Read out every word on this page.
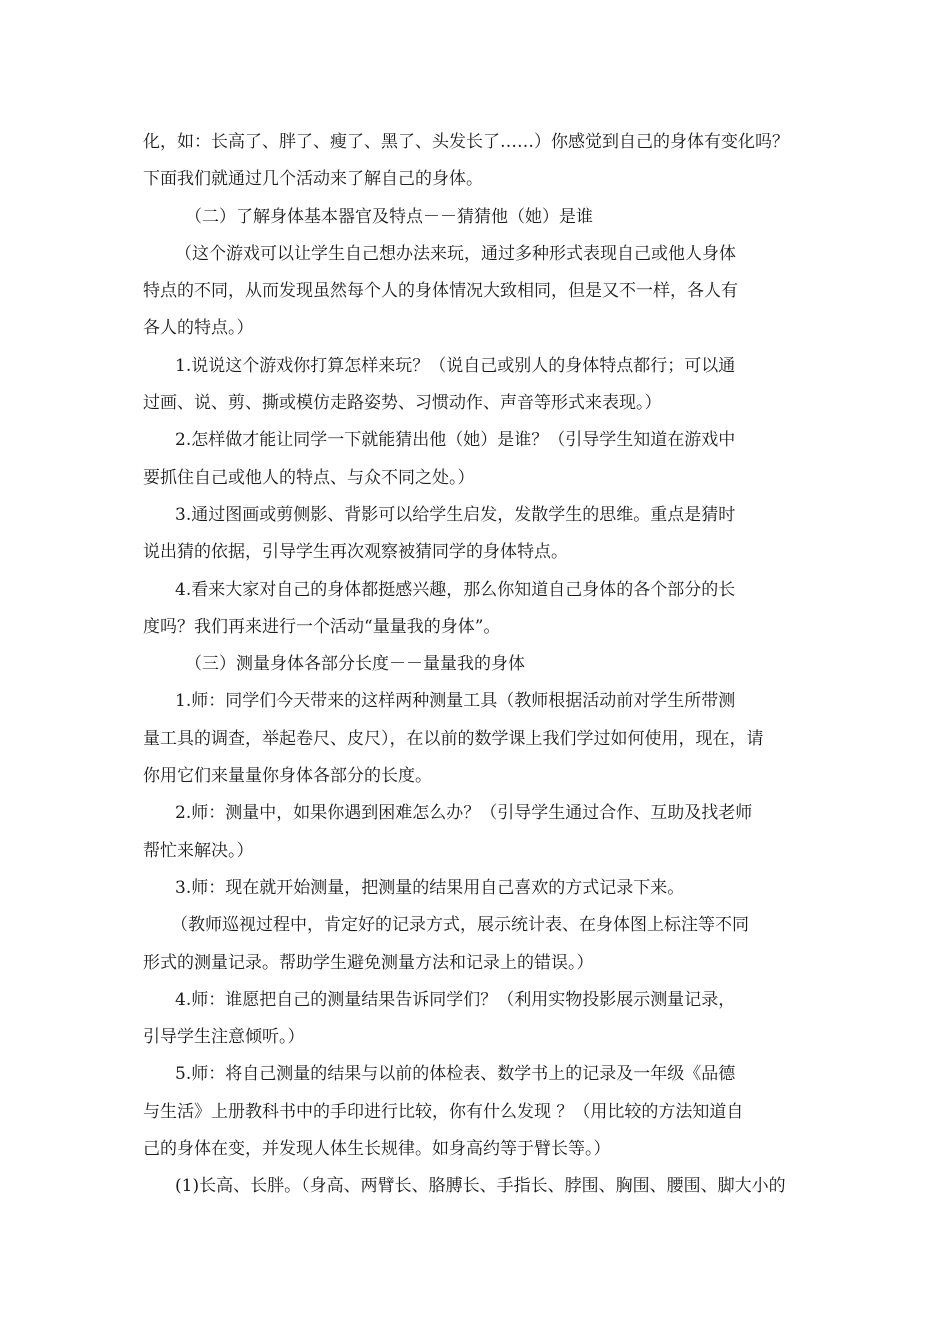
化，如：长高了、胖了、瘦了、黑了、头发长了……）你感觉到自己的身体有变化吗？
下面我们就通过几个活动来了解自己的身体。
（二）了解身体基本器官及特点－－猜猜他（她）是谁
（这个游戏可以让学生自己想办法来玩，通过多种形式表现自己或他人身体
特点的不同，从而发现虽然每个人的身体情况大致相同，但是又不一样，各人有
各人的特点。）
1.说说这个游戏你打算怎样来玩？（说自己或别人的身体特点都行；可以通
过画、说、剪、撕或模仿走路姿势、习惯动作、声音等形式来表现。）
2.怎样做才能让同学一下就能猜出他（她）是谁？（引导学生知道在游戏中
要抓住自己或他人的特点、与众不同之处。）
3.通过图画或剪侧影、背影可以给学生启发，发散学生的思维。重点是猜时
说出猜的依据，引导学生再次观察被猜同学的身体特点。
4.看来大家对自己的身体都挺感兴趣，那么你知道自己身体的各个部分的长
度吗？我们再来进行一个活动“量量我的身体”。
（三）测量身体各部分长度－－量量我的身体
1.师：同学们今天带来的这样两种测量工具（教师根据活动前对学生所带测
量工具的调查，举起卷尺、皮尺），在以前的数学课上我们学过如何使用，现在，请
你用它们来量量你身体各部分的长度。
2.师：测量中，如果你遇到困难怎么办？（引导学生通过合作、互助及找老师
帮忙来解决。）
3.师：现在就开始测量，把测量的结果用自己喜欢的方式记录下来。
（教师巡视过程中，肯定好的记录方式，展示统计表、在身体图上标注等不同
形式的测量记录。帮助学生避免测量方法和记录上的错误。）
4.师：谁愿把自己的测量结果告诉同学们？（利用实物投影展示测量记录，
引导学生注意倾听。）
5.师：将自己测量的结果与以前的体检表、数学书上的记录及一年级《品德
与生活》上册教科书中的手印进行比较，你有什么发现 ？（用比较的方法知道自
己的身体在变，并发现人体生长规律。如身高约等于臂长等。）
(1)长高、长胖。（身高、两臂长、胳膊长、手指长、脖围、胸围、腰围、脚大小的
